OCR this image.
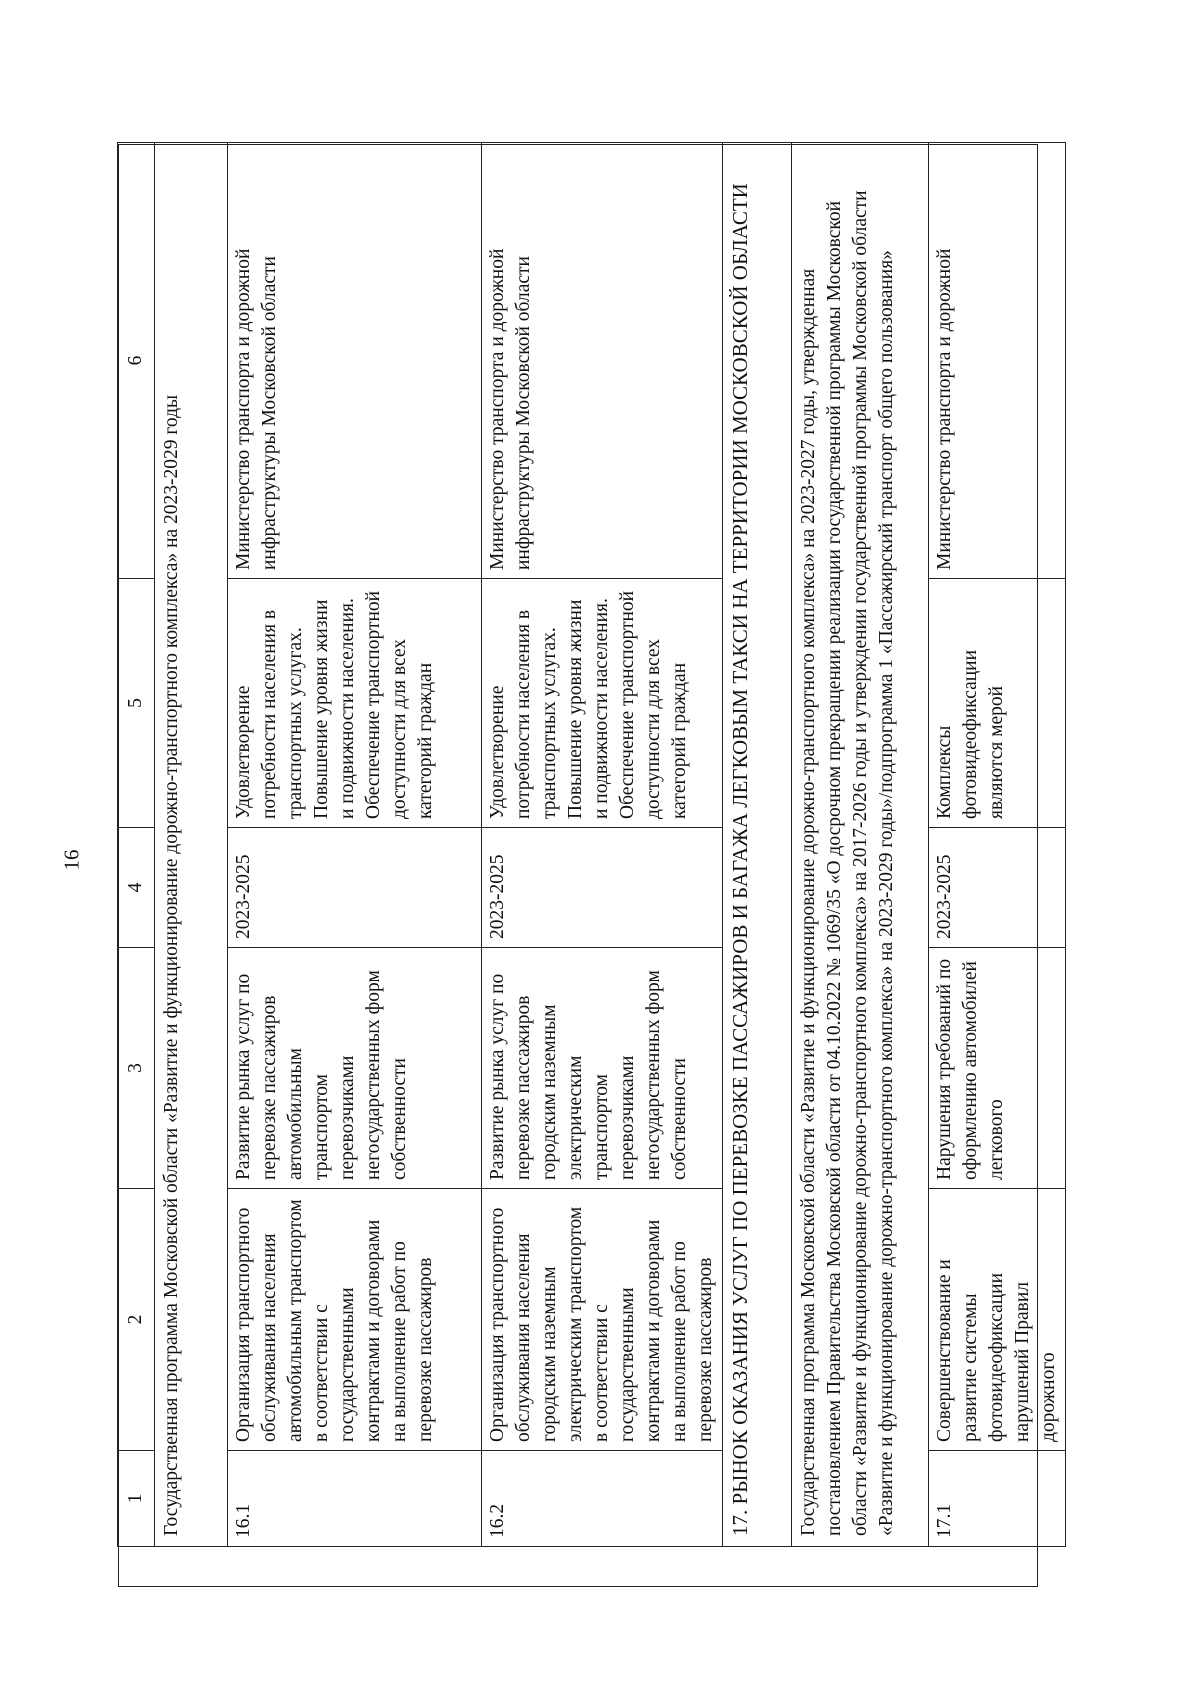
16
1	2	3	4	5	6
Государственная программа Московской области «Развитие и функционирование дорожно-транспортного комплекса» на 2023-2029 годы					
16.1	Организация транспортного обслуживания населения автомобильным транспортом в соответствии с государственными контрактами и договорами на выполнение работ по перевозке пассажиров	Развитие рынка услуг по перевозке пассажиров автомобильным транспортом перевозчиками негосударственных форм собственности	2023-2025	Удовлетворение потребности населения в транспортных услугах. Повышение уровня жизни и подвижности населения. Обеспечение транспортной доступности для всех категорий граждан	Министерство транспорта и дорожной инфраструктуры Московской области
16.2	Организация транспортного обслуживания населения городским наземным электрическим транспортом в соответствии с государственными контрактами и договорами на выполнение работ по перевозке пассажиров	Развитие рынка услуг по перевозке пассажиров городским наземным электрическим транспортом перевозчиками негосударственных форм собственности	2023-2025	Удовлетворение потребности населения в транспортных услугах. Повышение уровня жизни и подвижности населения. Обеспечение транспортной доступности для всех категорий граждан	Министерство транспорта и дорожной инфраструктуры Московской области
17. РЫНОК ОКАЗАНИЯ УСЛУГ ПО ПЕРЕВОЗКЕ ПАССАЖИРОВ И БАГАЖА ЛЕГКОВЫМ ТАКСИ НА ТЕРРИТОРИИ МОСКОВСКОЙ ОБЛАСТИ					
Государственная программа Московской области «Развитие и функционирование дорожно-транспортного комплекса» на 2023-2027 годы, утвержденная постановлением Правительства Московской области от 04.10.2022 № 1069/35 «О досрочном прекращении реализации государственной программы Московской области «Развитие и функционирование дорожно-транспортного комплекса» на 2017-2026 годы и утверждении государственной программы Московской области «Развитие и функционирование дорожно-транспортного комплекса» на 2023-2029 годы»/подпрограмма 1 «Пассажирский транспорт общего пользования»					
17.1	Совершенствование и развитие системы фотовидеофиксации нарушений Правил дорожного	Нарушения требований по оформлению автомобилей легкового	2023-2025	Комплексы фотовидеофиксации являются мерой	Министерство транспорта и дорожной
